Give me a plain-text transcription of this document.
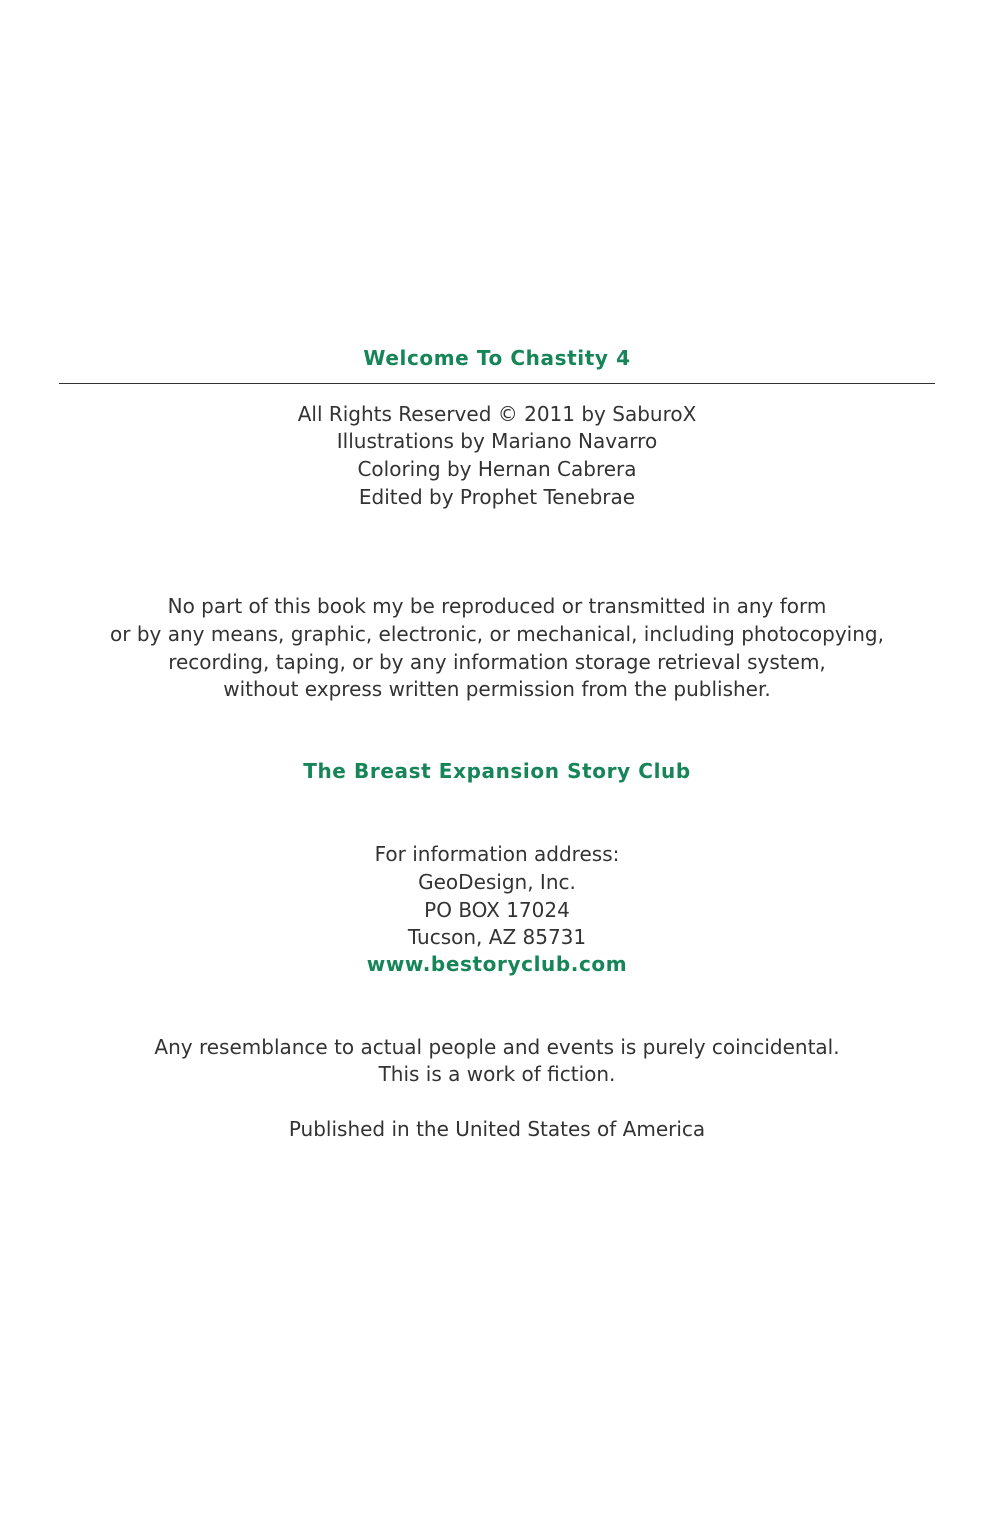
Welcome To Chastity 4
All Rights Reserved © 2011 by SaburoX
Illustrations by Mariano Navarro
Coloring by Hernan Cabrera
Edited by Prophet Tenebrae
No part of this book my be reproduced or transmitted in any form
or by any means, graphic, electronic, or mechanical, including photocopying,
recording, taping, or by any information storage retrieval system,
without express written permission from the publisher.
The Breast Expansion Story Club
For information address:
GeoDesign, Inc.
PO BOX 17024
Tucson, AZ 85731
www.bestoryclub.com
Any resemblance to actual people and events is purely coincidental.
This is a work of fiction.
Published in the United States of America
